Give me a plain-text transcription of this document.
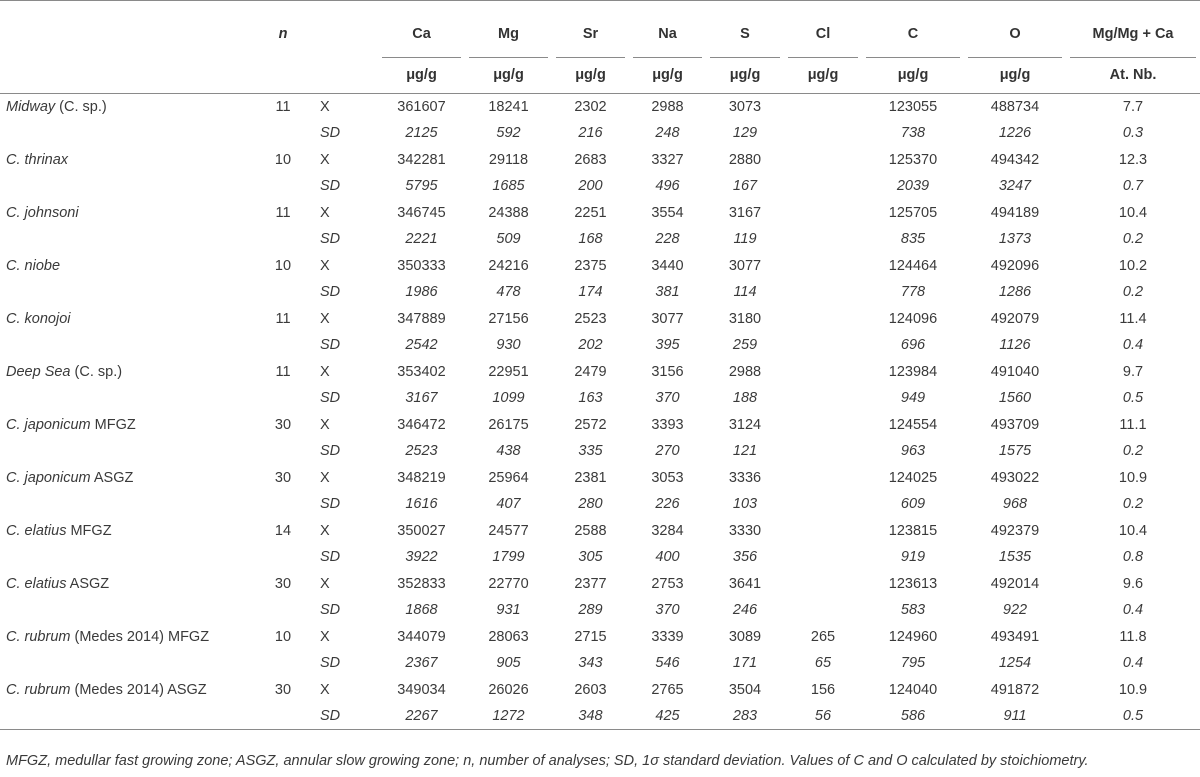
	n		Ca	Mg	Sr	Na	S	Cl	C	O	Mg/Mg + Ca
			μg/g	μg/g	μg/g	μg/g	μg/g	μg/g	μg/g	μg/g	At. Nb.
Midway (C. sp.)	11	X	361607	18241	2302	2988	3073		123055	488734	7.7
		SD	2125	592	216	248	129		738	1226	0.3
C. thrinax	10	X	342281	29118	2683	3327	2880		125370	494342	12.3
		SD	5795	1685	200	496	167		2039	3247	0.7
C. johnsoni	11	X	346745	24388	2251	3554	3167		125705	494189	10.4
		SD	2221	509	168	228	119		835	1373	0.2
C. niobe	10	X	350333	24216	2375	3440	3077		124464	492096	10.2
		SD	1986	478	174	381	114		778	1286	0.2
C. konojoi	11	X	347889	27156	2523	3077	3180		124096	492079	11.4
		SD	2542	930	202	395	259		696	1126	0.4
Deep Sea (C. sp.)	11	X	353402	22951	2479	3156	2988		123984	491040	9.7
		SD	3167	1099	163	370	188		949	1560	0.5
C. japonicum MFGZ	30	X	346472	26175	2572	3393	3124		124554	493709	11.1
		SD	2523	438	335	270	121		963	1575	0.2
C. japonicum ASGZ	30	X	348219	25964	2381	3053	3336		124025	493022	10.9
		SD	1616	407	280	226	103		609	968	0.2
C. elatius MFGZ	14	X	350027	24577	2588	3284	3330		123815	492379	10.4
		SD	3922	1799	305	400	356		919	1535	0.8
C. elatius ASGZ	30	X	352833	22770	2377	2753	3641		123613	492014	9.6
		SD	1868	931	289	370	246		583	922	0.4
C. rubrum (Medes 2014) MFGZ	10	X	344079	28063	2715	3339	3089	265	124960	493491	11.8
		SD	2367	905	343	546	171	65	795	1254	0.4
C. rubrum (Medes 2014) ASGZ	30	X	349034	26026	2603	2765	3504	156	124040	491872	10.9
		SD	2267	1272	348	425	283	56	586	911	0.5
MFGZ, medullar fast growing zone; ASGZ, annular slow growing zone; n, number of analyses; SD, 1σ standard deviation. Values of C and O calculated by stoichiometry.
